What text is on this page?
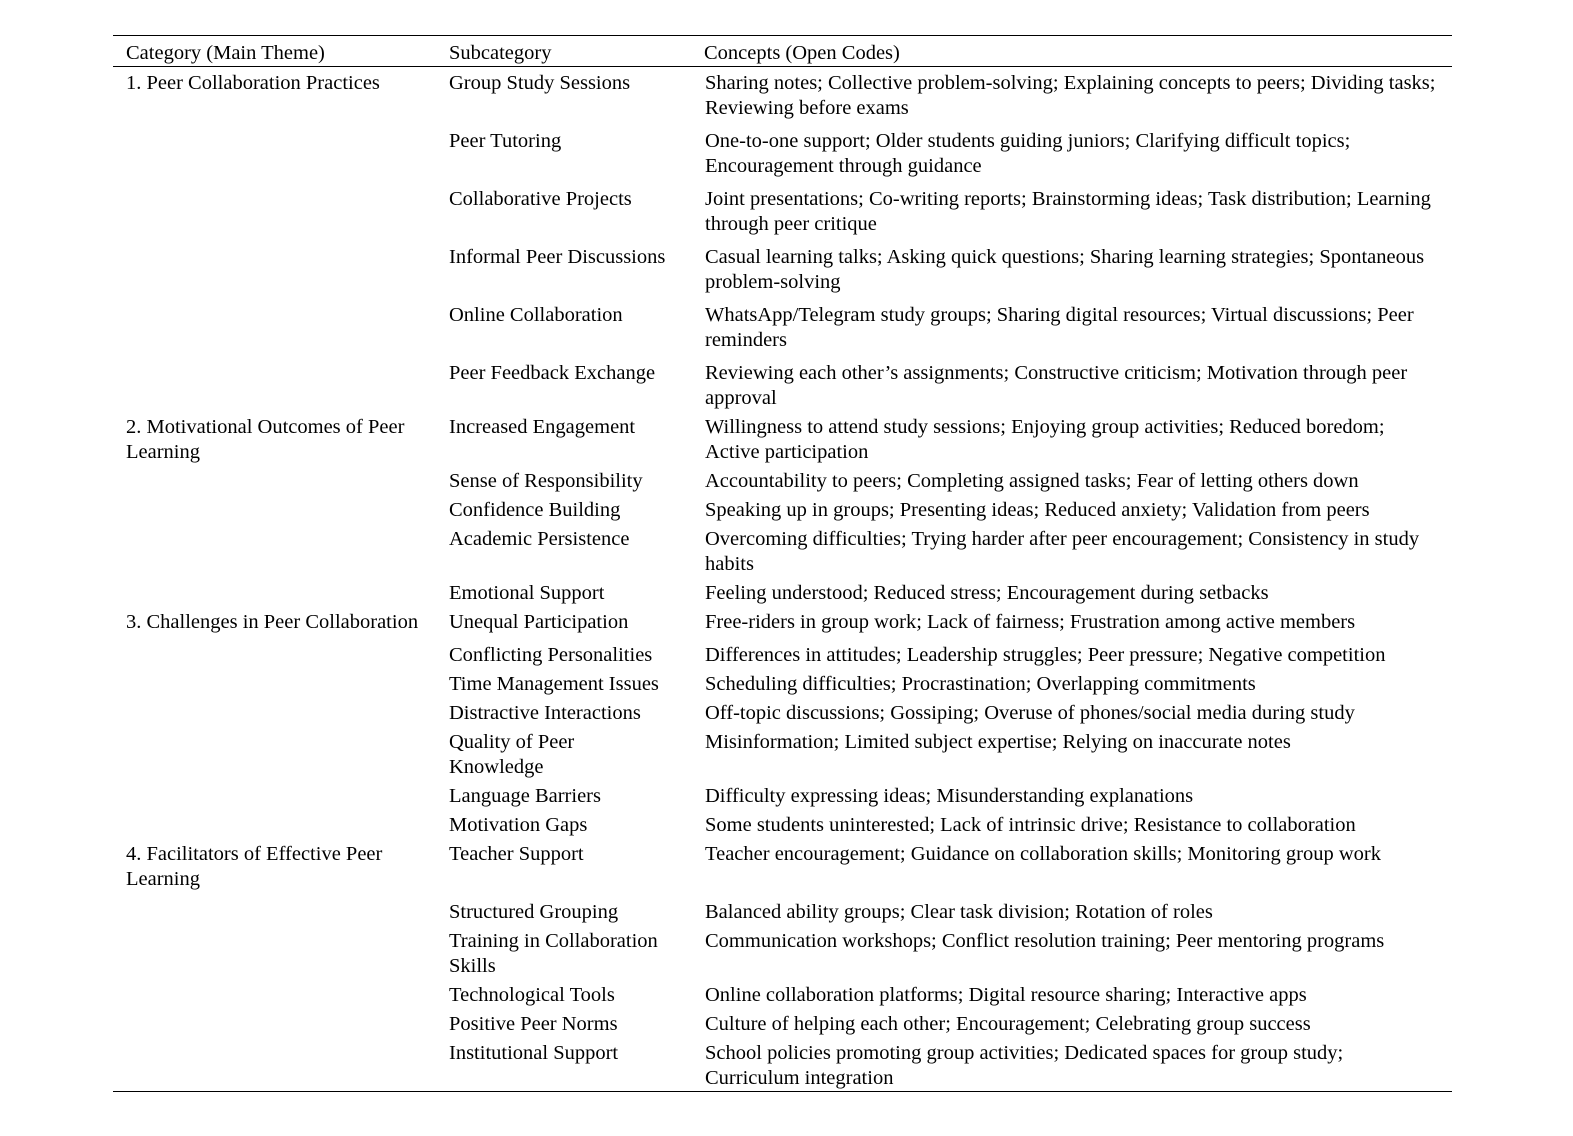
Category (Main Theme)	Subcategory	Concepts (Open Codes)
1. Peer Collaboration Practices	Group Study Sessions	Sharing notes; Collective problem-solving; Explaining concepts to peers; Dividing tasks; Reviewing before exams
	Peer Tutoring	One-to-one support; Older students guiding juniors; Clarifying difficult topics; Encouragement through guidance
	Collaborative Projects	Joint presentations; Co-writing reports; Brainstorming ideas; Task distribution; Learning through peer critique
	Informal Peer Discussions	Casual learning talks; Asking quick questions; Sharing learning strategies; Spontaneous problem-solving
	Online Collaboration	WhatsApp/Telegram study groups; Sharing digital resources; Virtual discussions; Peer reminders
	Peer Feedback Exchange	Reviewing each other’s assignments; Constructive criticism; Motivation through peer approval
2. Motivational Outcomes of Peer Learning	Increased Engagement	Willingness to attend study sessions; Enjoying group activities; Reduced boredom; Active participation
	Sense of Responsibility	Accountability to peers; Completing assigned tasks; Fear of letting others down
	Confidence Building	Speaking up in groups; Presenting ideas; Reduced anxiety; Validation from peers
	Academic Persistence	Overcoming difficulties; Trying harder after peer encouragement; Consistency in study habits
	Emotional Support	Feeling understood; Reduced stress; Encouragement during setbacks
3. Challenges in Peer Collaboration	Unequal Participation	Free-riders in group work; Lack of fairness; Frustration among active members
	Conflicting Personalities	Differences in attitudes; Leadership struggles; Peer pressure; Negative competition
	Time Management Issues	Scheduling difficulties; Procrastination; Overlapping commitments
	Distractive Interactions	Off-topic discussions; Gossiping; Overuse of phones/social media during study
	Quality of Peer Knowledge	Misinformation; Limited subject expertise; Relying on inaccurate notes
	Language Barriers	Difficulty expressing ideas; Misunderstanding explanations
	Motivation Gaps	Some students uninterested; Lack of intrinsic drive; Resistance to collaboration
4. Facilitators of Effective Peer Learning	Teacher Support	Teacher encouragement; Guidance on collaboration skills; Monitoring group work
	Structured Grouping	Balanced ability groups; Clear task division; Rotation of roles
	Training in Collaboration Skills	Communication workshops; Conflict resolution training; Peer mentoring programs
	Technological Tools	Online collaboration platforms; Digital resource sharing; Interactive apps
	Positive Peer Norms	Culture of helping each other; Encouragement; Celebrating group success
	Institutional Support	School policies promoting group activities; Dedicated spaces for group study; Curriculum integration
